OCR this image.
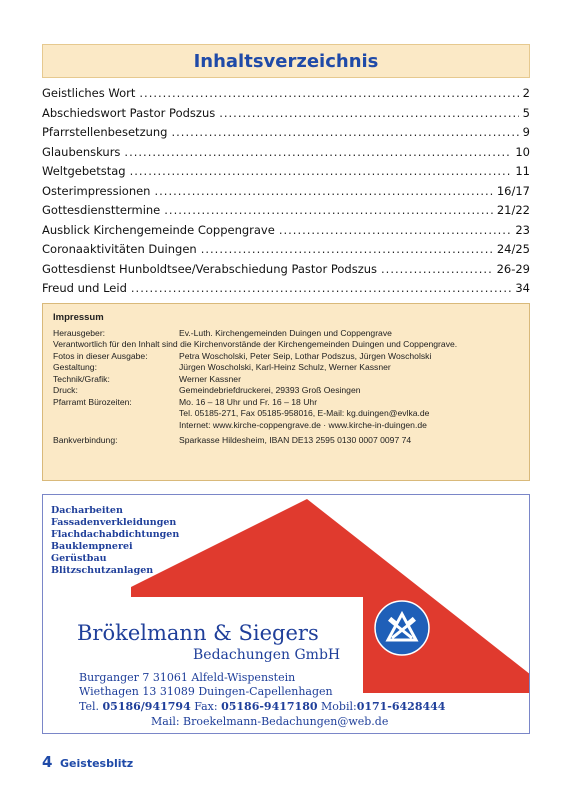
Inhaltsverzeichnis
Geistliches Wort .....	2
Abschiedswort Pastor Podszus .....	5
Pfarrstellenbesetzung .....	9
Glaubenskurs .....	10
Weltgebetstag .....	11
Osterimpressionen .....	16/17
Gottesdiensttermine .....	21/22
Ausblick Kirchengemeinde Coppengrave .....	23
Coronaaktivitäten Duingen .....	24/25
Gottesdienst Hunboldtsee/Verabschiedung Pastor Podszus .....	26-29
Freud und Leid .....	34
Impressum
Herausgeber:	Ev.-Luth. Kirchengemeinden Duingen und Coppengrave
Verantwortlich für den Inhalt sind die Kirchenvorstände der Kirchengemeinden Duingen und Coppengrave.
Fotos in dieser Ausgabe:	Petra Woscholski, Peter Seip, Lothar Podszus, Jürgen Woscholski
Gestaltung:	Jürgen Woscholski, Karl-Heinz Schulz, Werner Kassner
Technik/Grafik:	Werner Kassner
Druck:	Gemeindebriefdruckerei, 29393 Groß Oesingen
Pfarramt Bürozeiten:	Mo. 16 – 18 Uhr und Fr. 16 – 18 Uhr
Tel. 05185-271, Fax 05185-958016, E-Mail: kg.duingen@evlka.de
Internet: www.kirche-coppengrave.de · www.kirche-in-duingen.de
Bankverbindung:	Sparkasse Hildesheim, IBAN DE13 2595 0130 0007 0097 74
Dacharbeiten
Fassadenverkleidungen
Flachdachabdichtungen
Bauklempnerei
Gerüstbau
Blitzschutzanlagen
Brökelmann & Siegers
Bedachungen GmbH
Burganger 7 31061 Alfeld-Wispenstein
Wiethagen 13 31089 Duingen-Capellenhagen
Tel. 05186/941794 Fax: 05186-9417180 Mobil:0171-6428444
Mail: Broekelmann-Bedachungen@web.de
4 Geistesblitz
